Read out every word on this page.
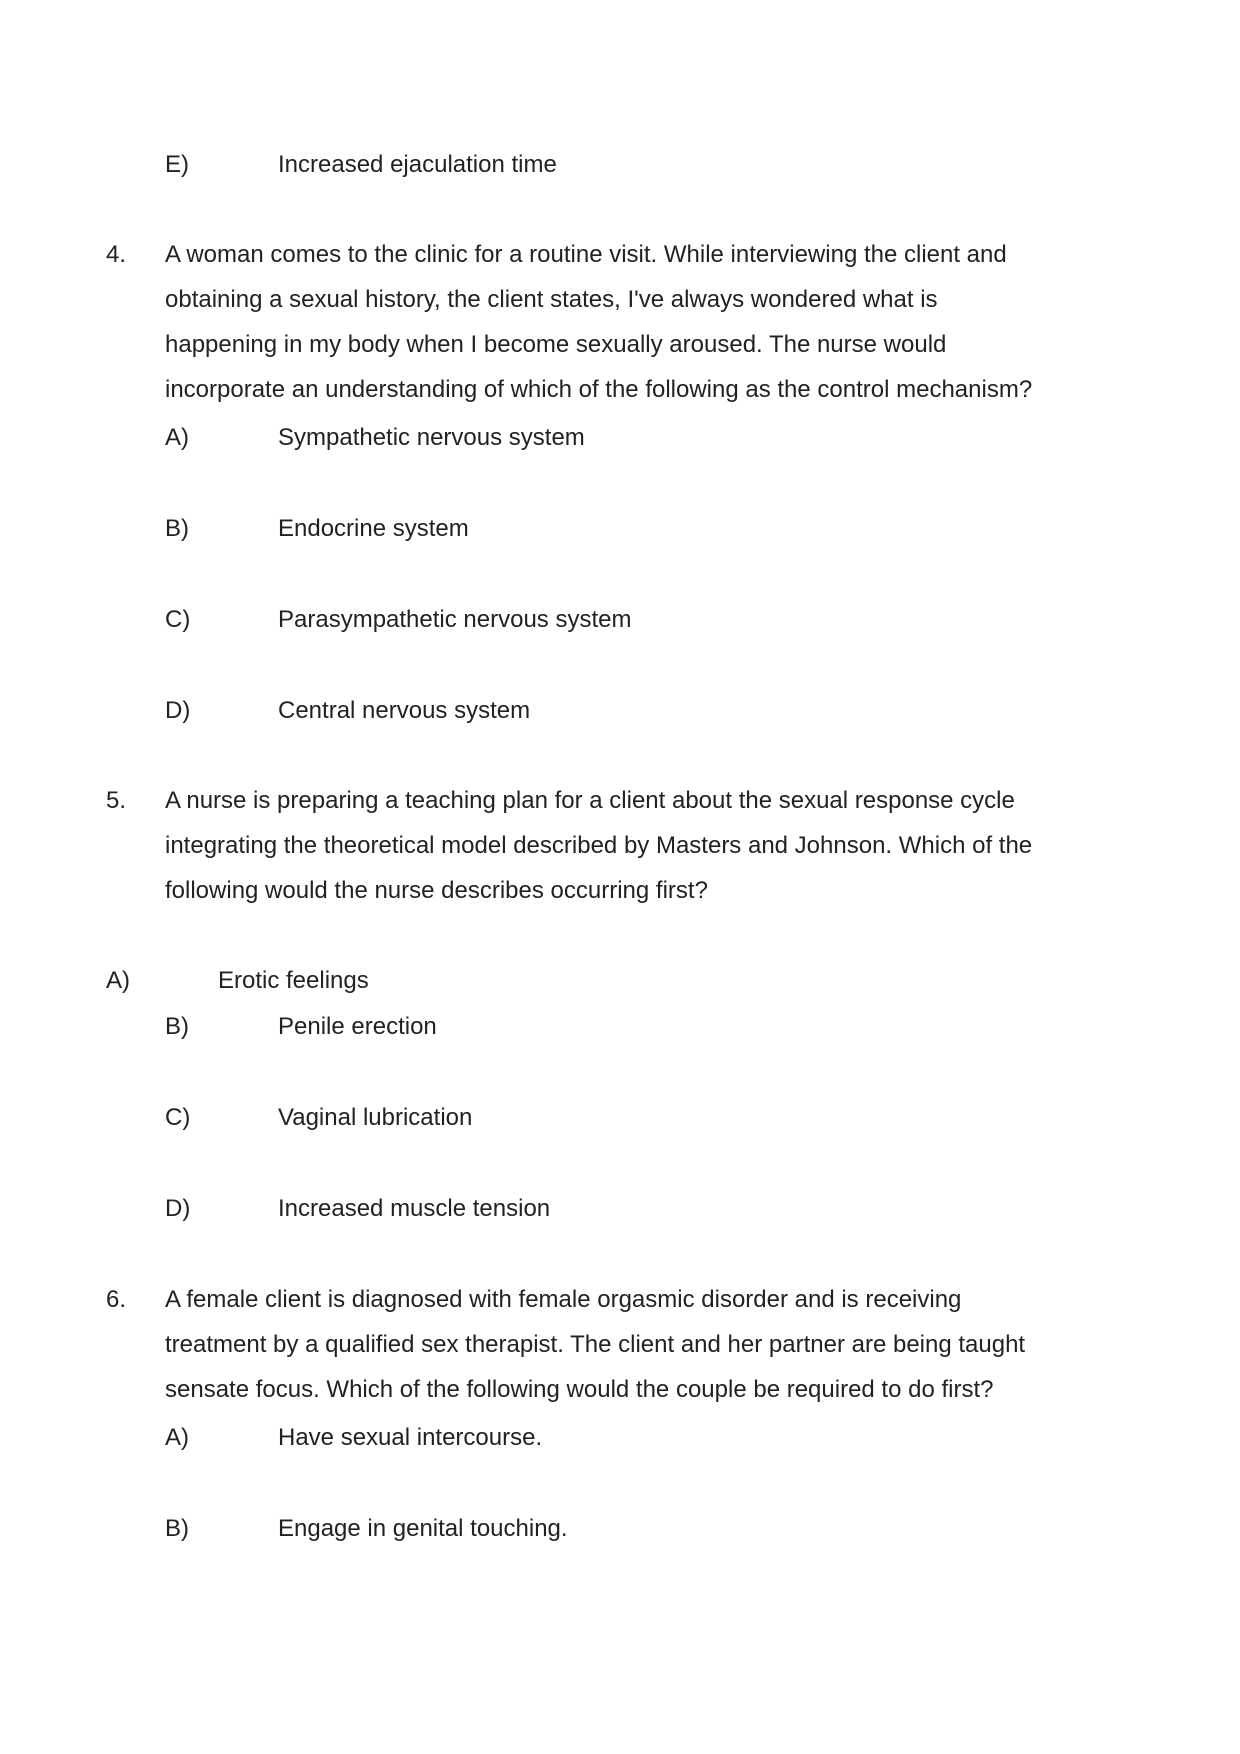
E)	Increased ejaculation time
4. A woman comes to the clinic for a routine visit. While interviewing the client and
obtaining a sexual history, the client states, I've always wondered what is
happening in my body when I become sexually aroused. The nurse would
incorporate an understanding of which of the following as the control mechanism?
A)	Sympathetic nervous system
B)	Endocrine system
C)	Parasympathetic nervous system
D)	Central nervous system
5. A nurse is preparing a teaching plan for a client about the sexual response cycle
integrating the theoretical model described by Masters and Johnson. Which of the
following would the nurse describes occurring first?
A)	Erotic feelings
B)	Penile erection
C)	Vaginal lubrication
D)	Increased muscle tension
6. A female client is diagnosed with female orgasmic disorder and is receiving
treatment by a qualified sex therapist. The client and her partner are being taught
sensate focus. Which of the following would the couple be required to do first?
A)	Have sexual intercourse.
B)	Engage in genital touching.
